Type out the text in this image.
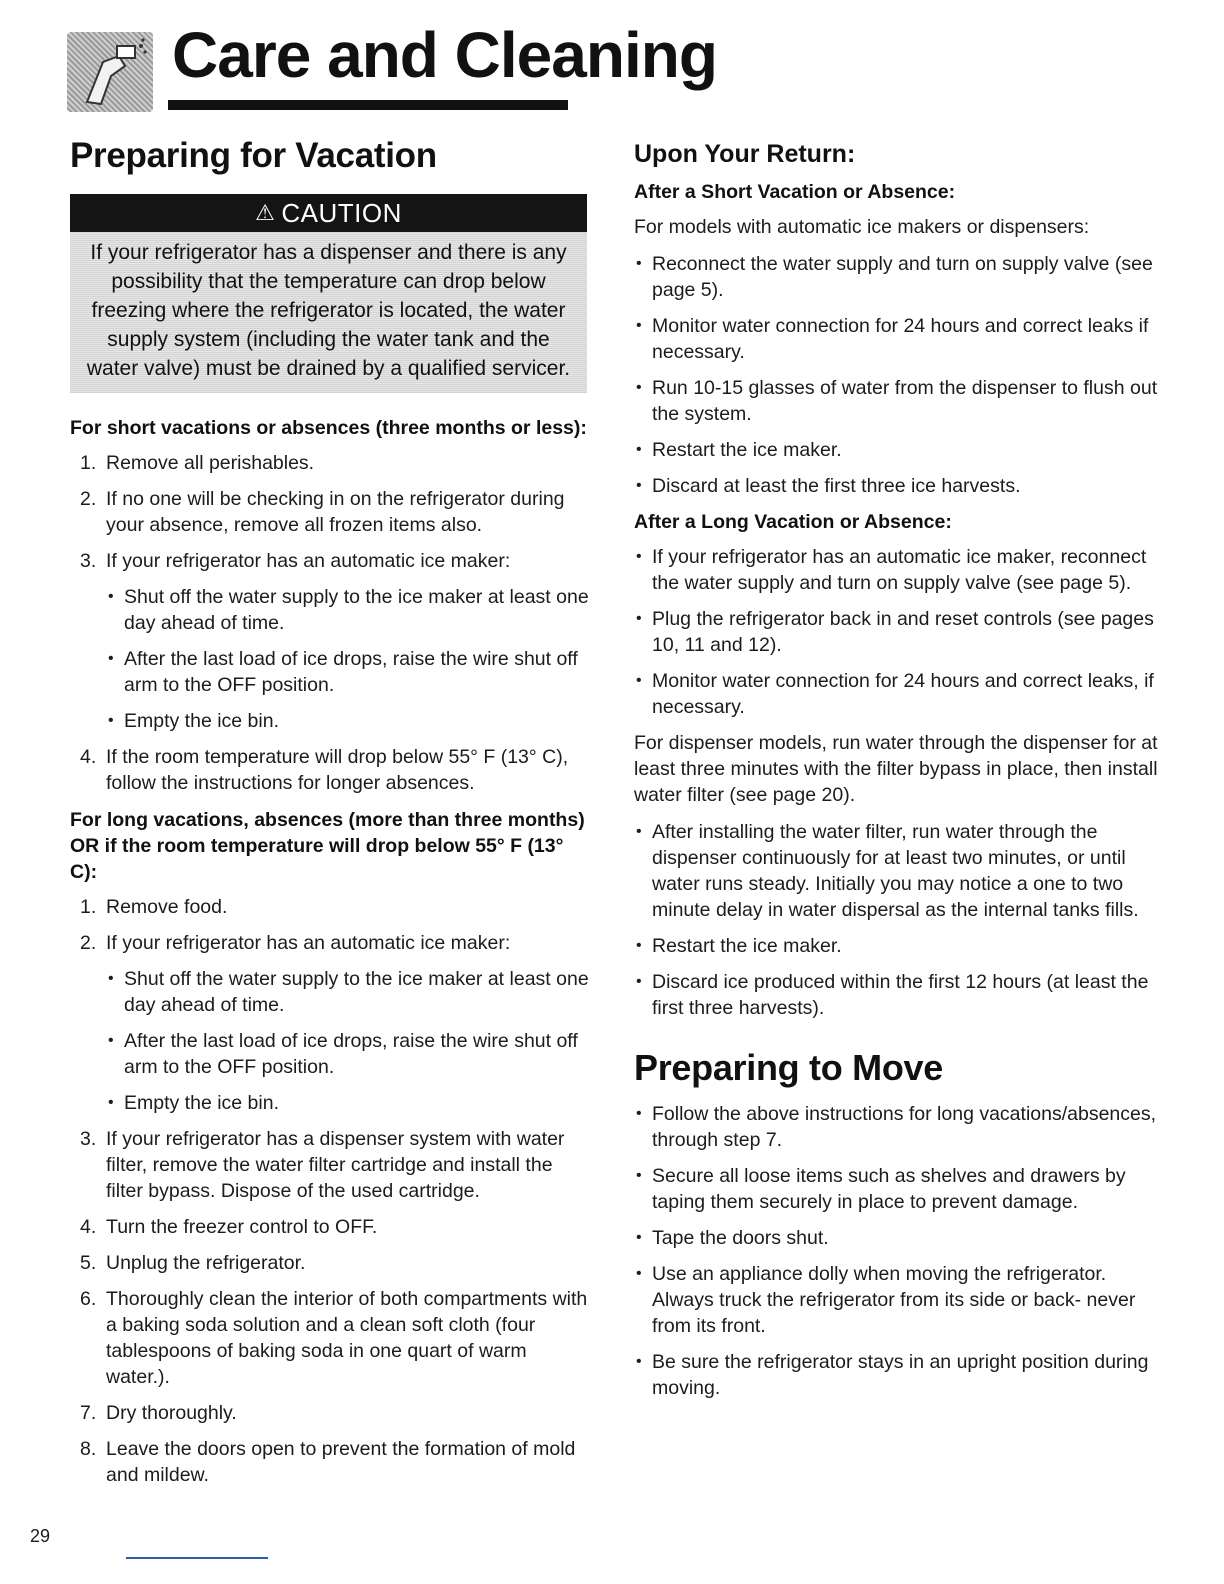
Care and Cleaning
Preparing for Vacation
⚠ CAUTION
If your refrigerator has a dispenser and there is any possibility that the temperature can drop below freezing where the refrigerator is located, the water supply system (including the water tank and the water valve) must be drained by a qualified servicer.
For short vacations or absences (three months or less):
1. Remove all perishables.
2. If no one will be checking in on the refrigerator during your absence, remove all frozen items also.
3. If your refrigerator has an automatic ice maker:
• Shut off the water supply to the ice maker at least one day ahead of time.
• After the last load of ice drops, raise the wire shut off arm to the OFF position.
• Empty the ice bin.
4. If the room temperature will drop below 55° F (13° C), follow the instructions for longer absences.
For long vacations, absences (more than three months) OR if the room temperature will drop below 55° F (13° C):
1. Remove food.
2. If your refrigerator has an automatic ice maker:
• Shut off the water supply to the ice maker at least one day ahead of time.
• After the last load of ice drops, raise the wire shut off arm to the OFF position.
• Empty the ice bin.
3. If your refrigerator has a dispenser system with water filter, remove the water filter cartridge and install the filter bypass. Dispose of the used cartridge.
4. Turn the freezer control to OFF.
5. Unplug the refrigerator.
6. Thoroughly clean the interior of both compartments with a baking soda solution and a clean soft cloth (four tablespoons of baking soda in one quart of warm water.).
7. Dry thoroughly.
8. Leave the doors open to prevent the formation of mold and mildew.
Upon Your Return:
After a Short Vacation or Absence:

For models with automatic ice makers or dispensers:

• Reconnect the water supply and turn on supply valve (see page 5).
• Monitor water connection for 24 hours and correct leaks if necessary.
• Run 10-15 glasses of water from the dispenser to flush out the system.
• Restart the ice maker.
• Discard at least the first three ice harvests.
After a Long Vacation or Absence:
• If your refrigerator has an automatic ice maker, reconnect the water supply and turn on supply valve (see page 5).
• Plug the refrigerator back in and reset controls (see pages 10, 11 and 12).
• Monitor water connection for 24 hours and correct leaks, if necessary.

For dispenser models, run water through the dispenser for at least three minutes with the filter bypass in place, then install water filter (see page 20).

• After installing the water filter, run water through the dispenser continuously for at least two minutes, or until water runs steady. Initially you may notice a one to two minute delay in water dispersal as the internal tanks fills.
• Restart the ice maker.
• Discard ice produced within the first 12 hours (at least the first three harvests).
Preparing to Move
• Follow the above instructions for long vacations/absences, through step 7.
• Secure all loose items such as shelves and drawers by taping them securely in place to prevent damage.
• Tape the doors shut.
• Use an appliance dolly when moving the refrigerator. Always truck the refrigerator from its side or back- never from its front.
• Be sure the refrigerator stays in an upright position during moving.
29
